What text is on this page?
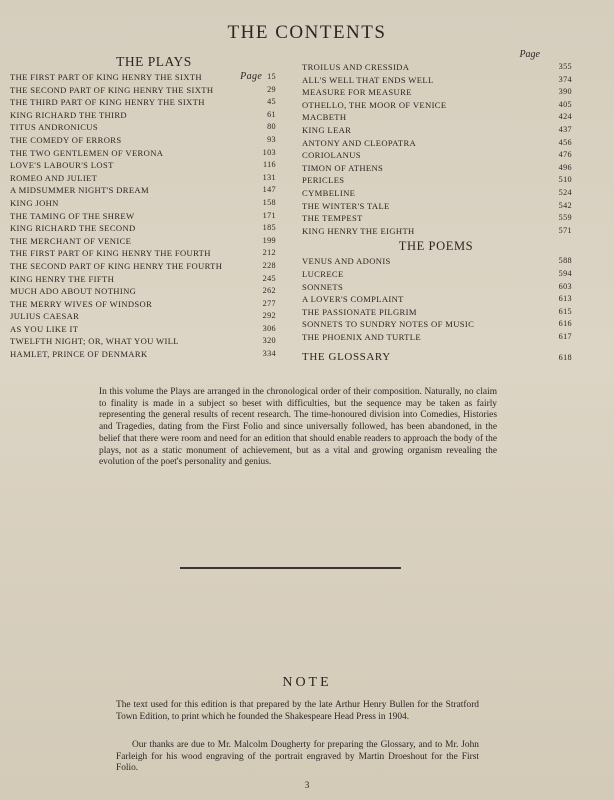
THE CONTENTS
THE PLAYS
THE FIRST PART OF KING HENRY THE SIXTH	Page 15
THE SECOND PART OF KING HENRY THE SIXTH	29
THE THIRD PART OF KING HENRY THE SIXTH	45
KING RICHARD THE THIRD	61
TITUS ANDRONICUS	80
THE COMEDY OF ERRORS	93
THE TWO GENTLEMEN OF VERONA	103
LOVE'S LABOUR'S LOST	116
ROMEO AND JULIET	131
A MIDSUMMER NIGHT'S DREAM	147
KING JOHN	158
THE TAMING OF THE SHREW	171
KING RICHARD THE SECOND	185
THE MERCHANT OF VENICE	199
THE FIRST PART OF KING HENRY THE FOURTH	212
THE SECOND PART OF KING HENRY THE FOURTH	228
KING HENRY THE FIFTH	245
MUCH ADO ABOUT NOTHING	262
THE MERRY WIVES OF WINDSOR	277
JULIUS CAESAR	292
AS YOU LIKE IT	306
TWELFTH NIGHT; OR, WHAT YOU WILL	320
HAMLET, PRINCE OF DENMARK	334
Page
TROILUS AND CRESSIDA	355
ALL'S WELL THAT ENDS WELL	374
MEASURE FOR MEASURE	390
OTHELLO, THE MOOR OF VENICE	405
MACBETH	424
KING LEAR	437
ANTONY AND CLEOPATRA	456
CORIOLANUS	476
TIMON OF ATHENS	496
PERICLES	510
CYMBELINE	524
THE WINTER'S TALE	542
THE TEMPEST	559
KING HENRY THE EIGHTH	571
THE POEMS
VENUS AND ADONIS	588
LUCRECE	594
SONNETS	603
A LOVER'S COMPLAINT	613
THE PASSIONATE PILGRIM	615
SONNETS TO SUNDRY NOTES OF MUSIC	616
THE PHOENIX AND TURTLE	617
THE GLOSSARY	618

In this volume the Plays are arranged in the chronological order of their composition. Naturally, no claim to finality is made in a subject so beset with difficulties, but the sequence may be taken as fairly representing the general results of recent research. The time-honoured division into Comedies, Histories and Tragedies, dating from the First Folio and since universally followed, has been abandoned, in the belief that there were room and need for an edition that should enable readers to approach the body of the plays, not as a static monument of achievement, but as a vital and growing organism revealing the evolution of the poet's personality and genius.

NOTE

The text used for this edition is that prepared by the late Arthur Henry Bullen for the Stratford Town Edition, to print which he founded the Shakespeare Head Press in 1904.

Our thanks are due to Mr. Malcolm Dougherty for preparing the Glossary, and to Mr. John Farleigh for his wood engraving of the portrait engraved by Martin Droeshout for the First Folio.

3
